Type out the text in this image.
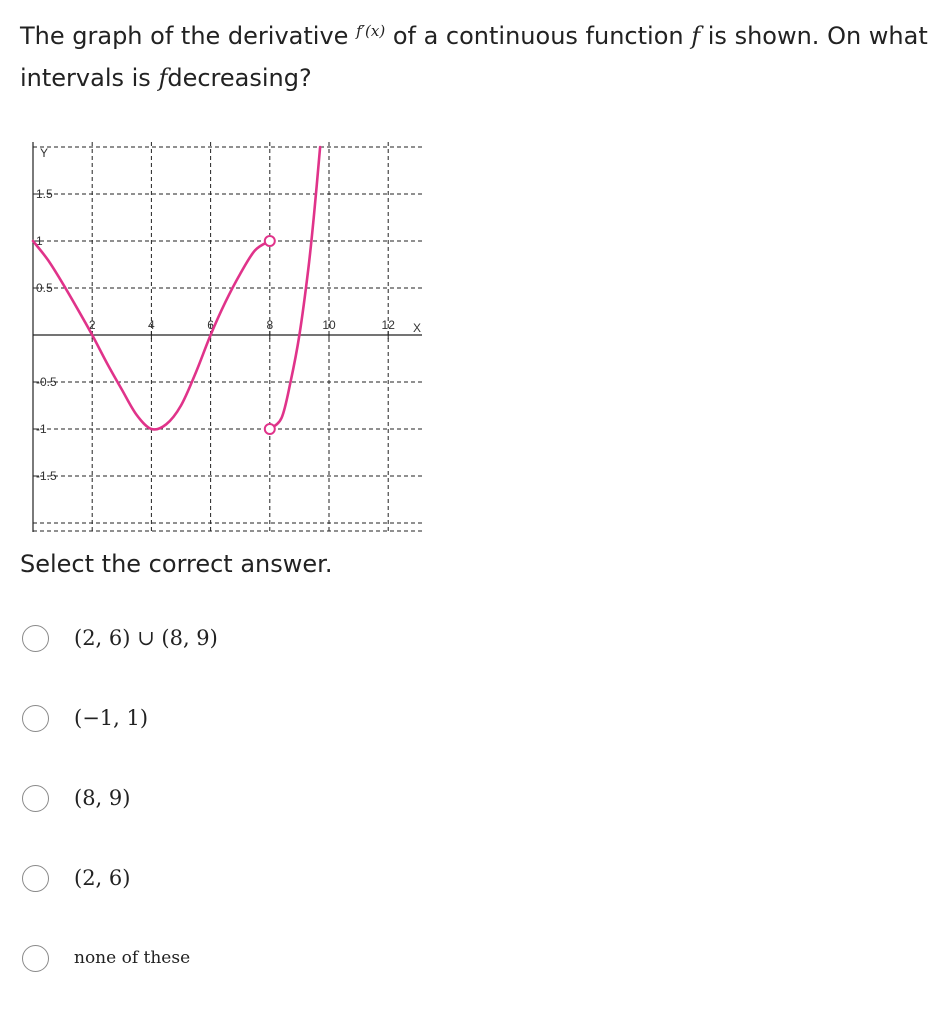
The graph of the derivative $^{f'(x)}$ of a continuous function f is shown. On what intervals is fdecreasing?
2	4	6	8	10	12
1.5
1
0.5
-0.5
-1
-1.5
Y
X
Select the correct answer.
(2, 6) ∪ (8, 9)
(−1, 1)
(8, 9)
(2, 6)
none of these
